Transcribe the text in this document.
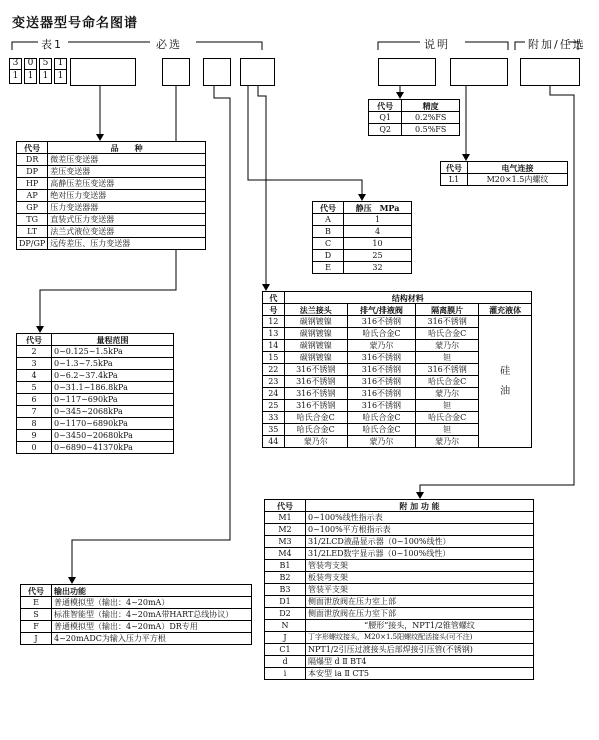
变送器型号命名图谱
表1	必选	说明	附加/任选
3
1
0
1
5
1
1
1
代号	品　　种
DR	微差压变送器
DP	差压变送器
HP	高静压差压变送器
AP	绝对压力变送器
GP	压力变送器器
TG	直装式压力变送器
LT	法兰式液位变送器
DP/GP	远传差压、压力变送器
代号	量程范围
2	0~0.125~1.5kPa
3	0~1.3~7.5kPa
4	0~6.2~37.4kPa
5	0~31.1~186.8kPa
6	0~117~690kPa
7	0~345~2068kPa
8	0~1170~6890kPa
9	0~3450~20680kPa
0	0~6890~41370kPa
代号	输出功能
E	普通模拟型（输出：4~20mA）
S	标准智能型（输出：4~20mA带HART总线协议）
F	普通模拟型（输出：4~20mA）DR专用
J	4~20mADC为输入压力平方根
代号	精度
Q1	0.2%FS
Q2	0.5%FS
代号	电气连接
L1	M20×1.5内螺纹
代号	静压　MPa
A	1
B	4
C	10
D	25
E	32
代	结构材料			
号	法兰接头	排气/排液阀	隔离膜片	灌充液体
12	碳钢镀镍	316不锈钢	316不锈钢	硅
油
13	碳钢镀镍	哈氏合金C	哈氏合金C	
14	碳钢镀镍	蒙乃尔	蒙乃尔	
15	碳钢镀镍	316不锈钢	钽	
22	316不锈钢	316不锈钢	316不锈钢	
23	316不锈钢	316不锈钢	哈氏合金C	
24	316不锈钢	316不锈钢	蒙乃尔	
25	316不锈钢	316不锈钢	钽	
33	哈氏合金C	哈氏合金C	哈氏合金C	
35	哈氏合金C	哈氏合金C	钽	
44	蒙乃尔	蒙乃尔	蒙乃尔	
代号	附 加 功 能
M1	0~100%线性指示表
M2	0~100%平方根指示表
M3	31/2LCD液晶显示器（0~100%线性）
M4	31/2LED数字显示器（0~100%线性）
B1	管装弯支架
B2	板装弯支架
B3	管装平支架
D1	侧面泄放阀在压力室上部
D2	侧面泄放阀在压力室下部
N	“腰形”接头，NPT1/2锥管螺纹
J	丁字形螺纹接头，M20×1.5阳螺纹配活接头(可不注)
C1	NPT1/2引压过渡接头后部焊接引压管(不锈钢)
d	隔爆型 d Ⅱ BT4
i	本安型 ia Ⅱ CT5
